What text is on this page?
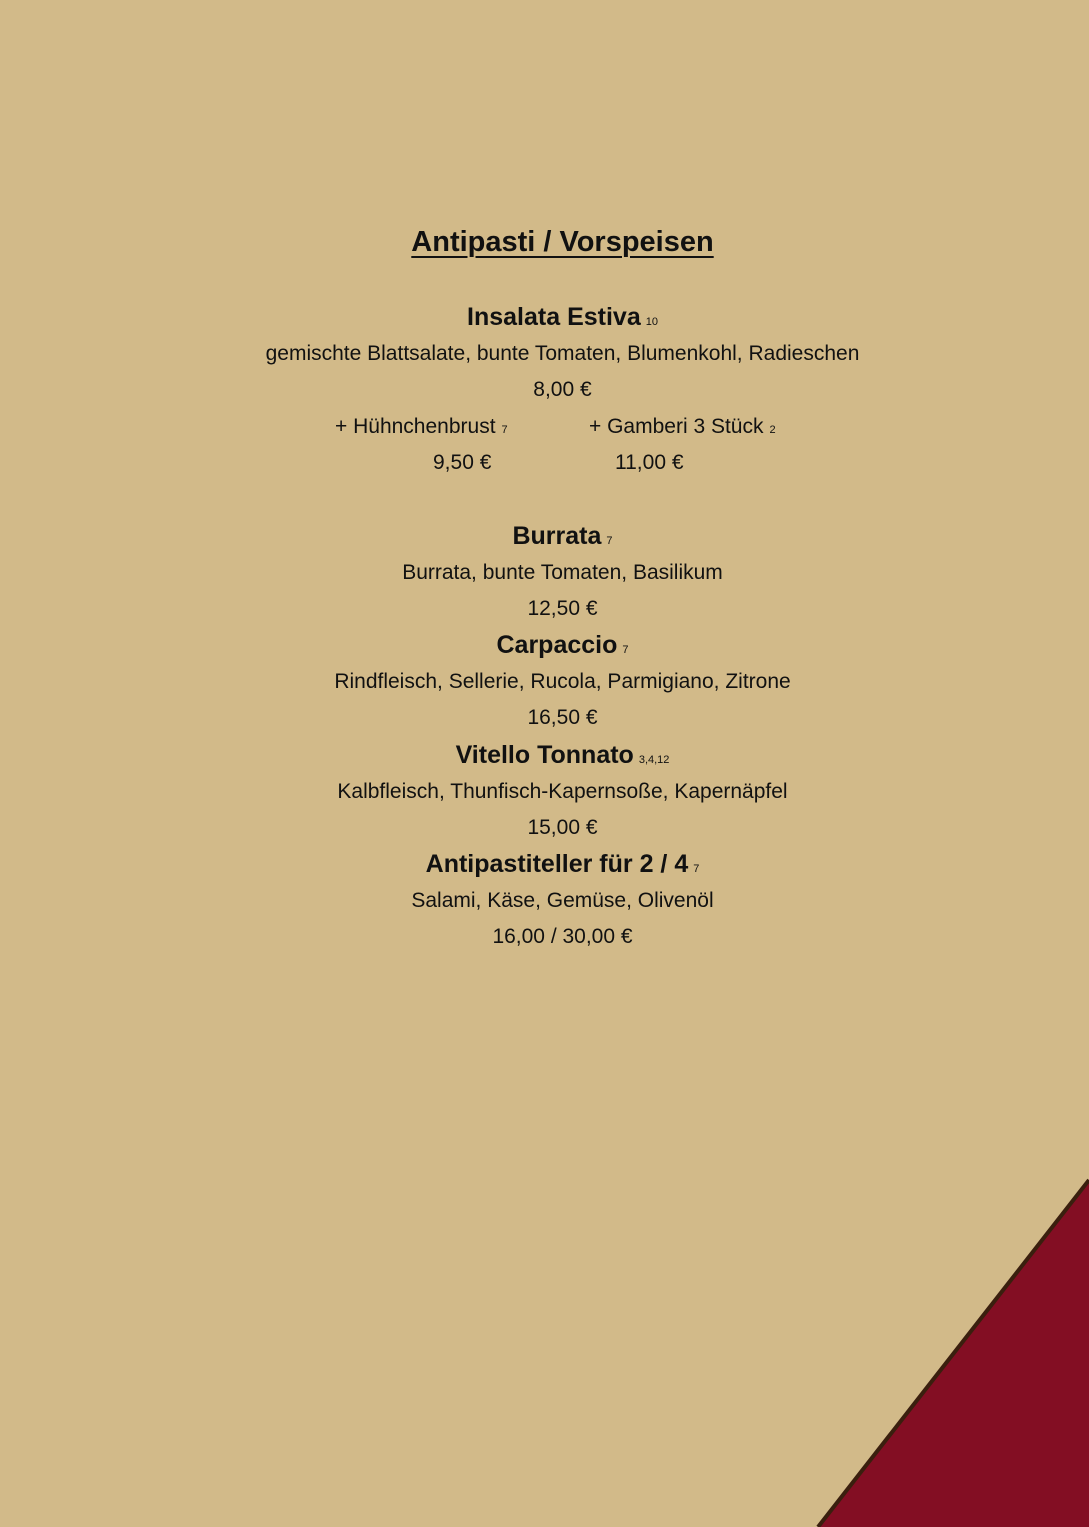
Antipasti / Vorspeisen
Insalata Estiva 10
gemischte Blattsalate, bunte Tomaten, Blumenkohl, Radieschen
8,00 €
+ Hühnchenbrust 7	+ Gamberi 3 Stück 2
9,50 €	11,00 €
Burrata 7
Burrata, bunte Tomaten, Basilikum
12,50 €
Carpaccio 7
Rindfleisch, Sellerie, Rucola, Parmigiano, Zitrone
16,50 €
Vitello Tonnato 3,4,12
Kalbfleisch, Thunfisch-Kapernsoße, Kapernäpfel
15,00 €
Antipastiteller für 2 / 4 7
Salami, Käse, Gemüse, Olivenöl
16,00 / 30,00 €
